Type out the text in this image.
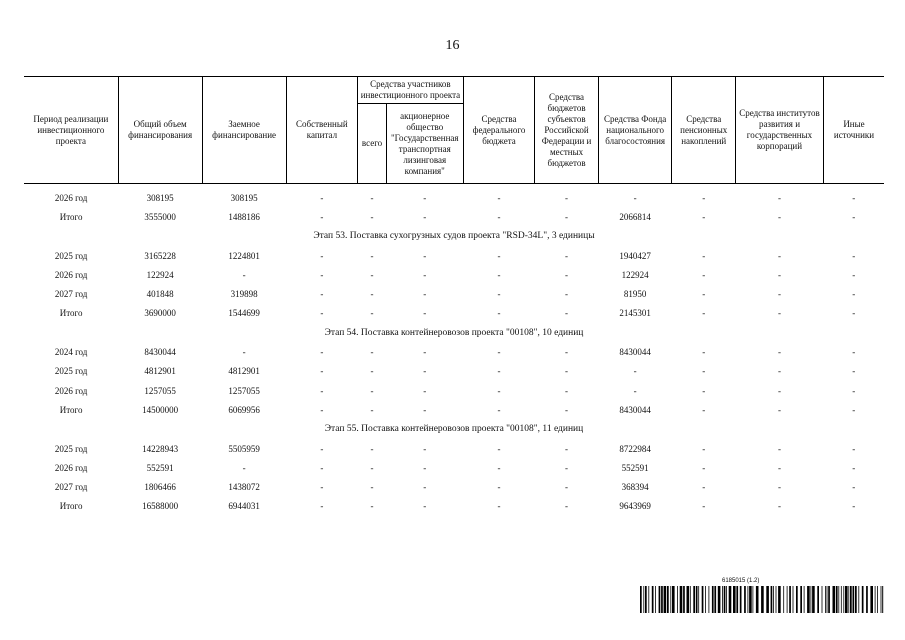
16
Период реализации инвестиционного проекта	Общий объем финансирования	Заемное финансирование	Собственный капитал	Средства участников инвестиционного проекта		Средства федерального бюджета	Средства бюджетов субъектов Российской Федерации и местных бюджетов	Средства Фонда национального благосостояния	Средства пенсионных накоплений	Средства институтов развития и государственных корпораций	Иные источники
				всего	акционерное общество "Государственная транспортная лизинговая компания"						
2026 год	308195	308195	-	-	-	-	-	-	-	-	-
Итого	3555000	1488186	-	-	-	-	-	2066814	-	-	-
Этап 53. Поставка сухогрузных судов проекта "RSD-34L", 3 единицы											
2025 год	3165228	1224801	-	-	-	-	-	1940427	-	-	-
2026 год	122924	-	-	-	-	-	-	122924	-	-	-
2027 год	401848	319898	-	-	-	-	-	81950	-	-	-
Итого	3690000	1544699	-	-	-	-	-	2145301	-	-	-
Этап 54. Поставка контейнеровозов проекта "00108", 10 единиц											
2024 год	8430044	-	-	-	-	-	-	8430044	-	-	-
2025 год	4812901	4812901	-	-	-	-	-	-	-	-	-
2026 год	1257055	1257055	-	-	-	-	-	-	-	-	-
Итого	14500000	6069956	-	-	-	-	-	8430044	-	-	-
Этап 55. Поставка контейнеровозов проекта "00108", 11 единиц											
2025 год	14228943	5505959	-	-	-	-	-	8722984	-	-	-
2026 год	552591	-	-	-	-	-	-	552591	-	-	-
2027 год	1806466	1438072	-	-	-	-	-	368394	-	-	-
Итого	16588000	6944031	-	-	-	-	-	9643969	-	-	-
6185015 (1.2)
